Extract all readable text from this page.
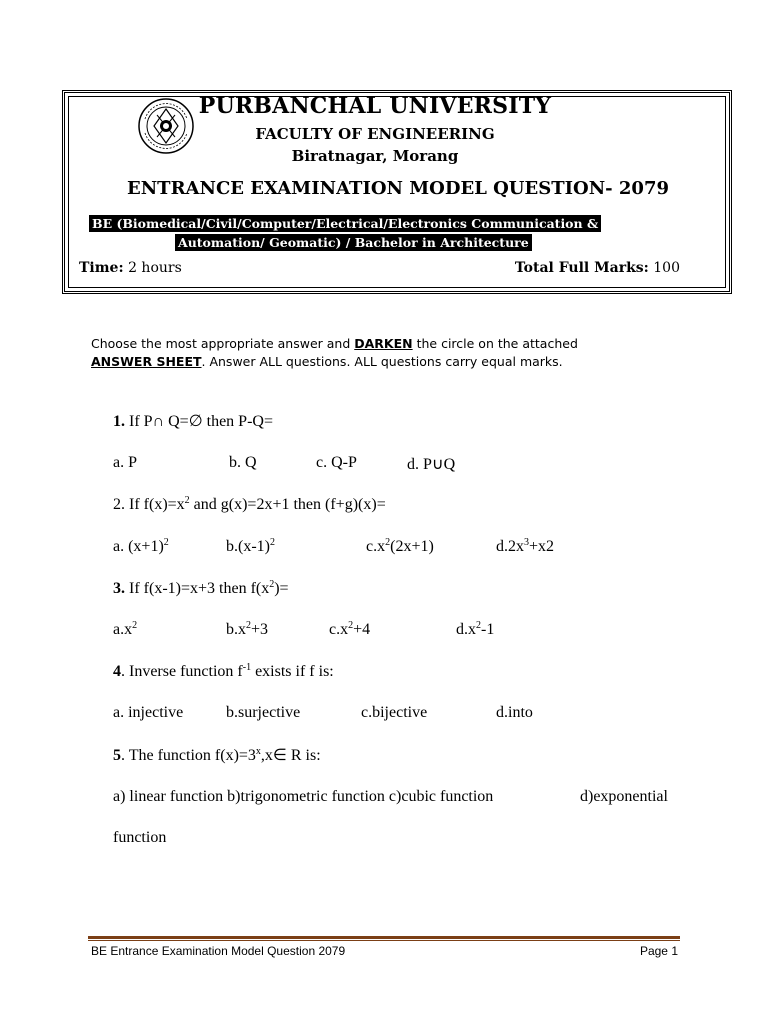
PURBANCHAL UNIVERSITY
FACULTY OF ENGINEERING
Biratnagar, Morang
ENTRANCE EXAMINATION MODEL QUESTION- 2079
BE (Biomedical/Civil/Computer/Electrical/Electronics Communication &
Automation/ Geomatic) / Bachelor in Architecture
Time: 2 hours	Total Full Marks: 100
Choose the most appropriate answer and DARKEN the circle on the attached
ANSWER SHEET. Answer ALL questions. ALL questions carry equal marks.
1. If P∩ Q=∅ then P-Q=
a. P	b. Q	c. Q-P	d. P∪Q
2. If $f(x)=x^2$ and g(x)=2x+1 then (f+g)(x)=
a. $(x+1)^2$	$b.(x-1)^2$	$c.x^2(2x+1)$	$d.2x^3+x2$
3. If f(x-1)=x+3 then $f(x^2)=$
$a.x^2$	$b.x^2+3$	$c.x^2+4$	$d.x^2-1$
4. Inverse function $f^{-1}$ exists if f is:
a. injective	b.surjective	c.bijective	d.into
5. The function $f(x)=3^x,x\in$ R is:
a) linear function b)trigonometric function c)cubic function	d)exponential
function
BE Entrance Examination Model Question 2079	Page 1
